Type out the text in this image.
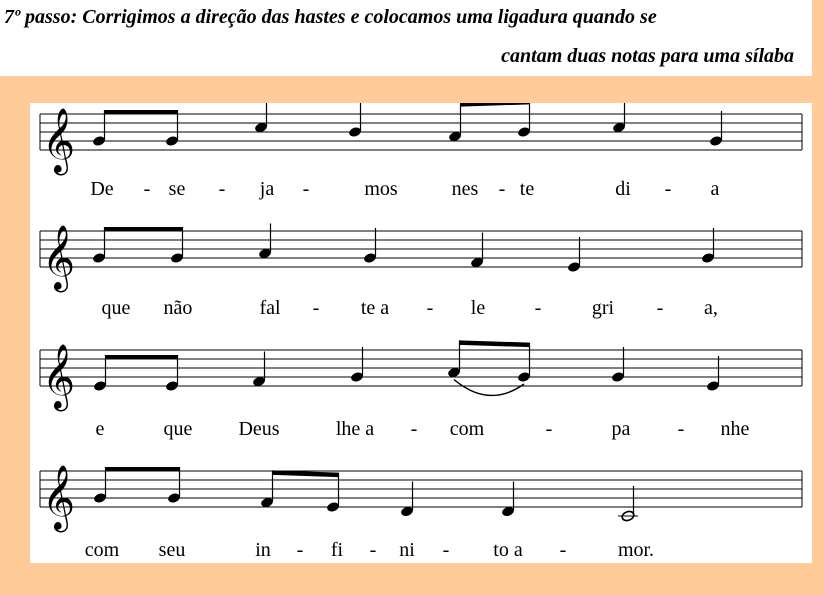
7º passo: Corrigimos a direção das hastes e colocamos uma ligadura quando se
cantam duas notas para uma sílaba
𝄞
De - se - ja -	mos	nes - te	di - a
𝄞
que não	fal - te a - le -	gri - a,
𝄞
e	que Deus	lhe a - com	-	pa - nhe
𝄞
com seu	in - fi - ni - to a -	mor.
